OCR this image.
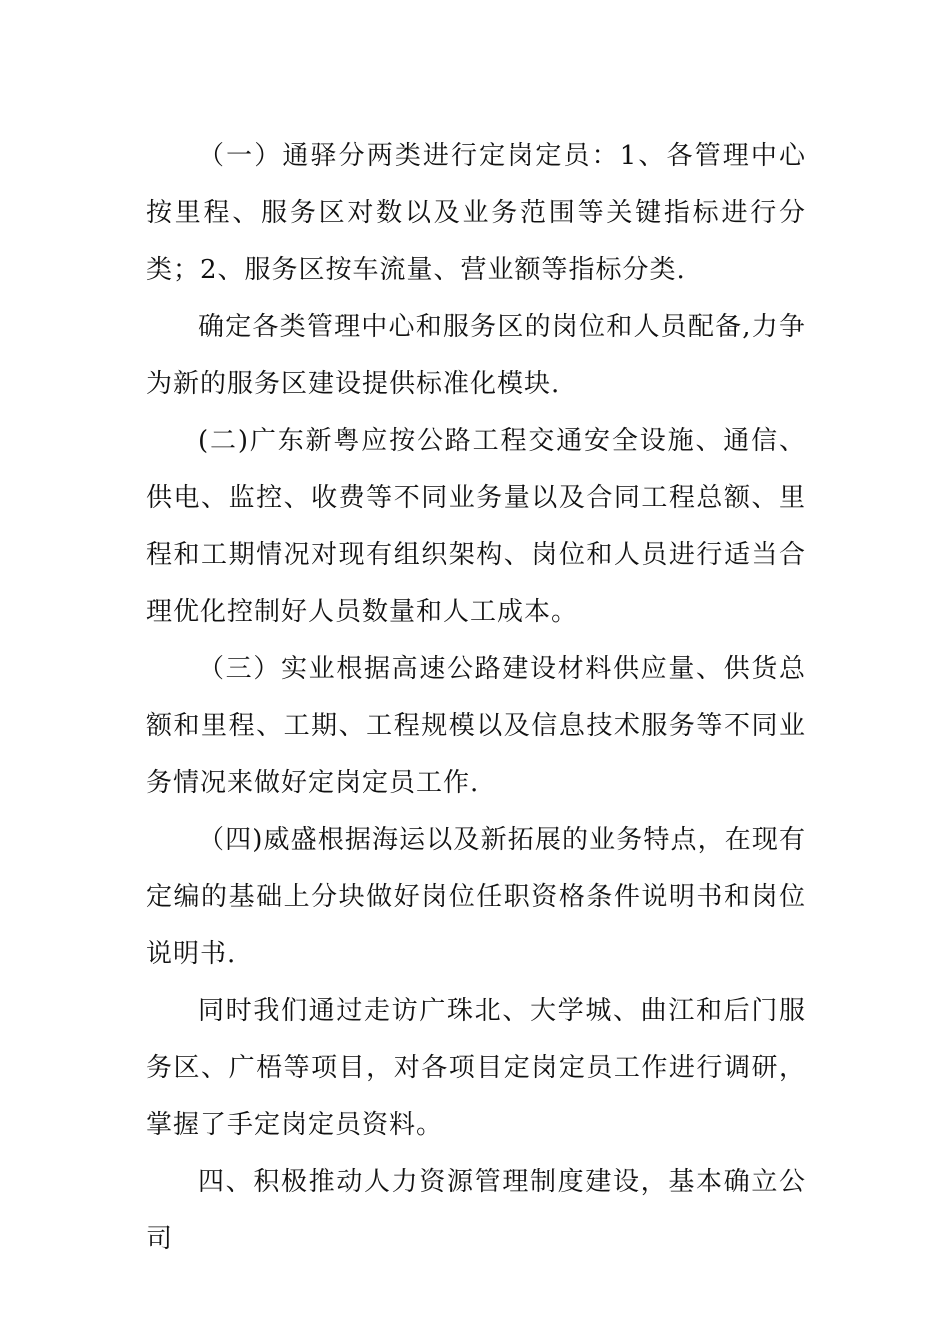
（一）通驿分两类进行定岗定员：1、各管理中心按里程、服务区对数以及业务范围等关键指标进行分类；2、服务区按车流量、营业额等指标分类.

确定各类管理中心和服务区的岗位和人员配备,力争为新的服务区建设提供标准化模块.

(二)广东新粤应按公路工程交通安全设施、通信、供电、监控、收费等不同业务量以及合同工程总额、里程和工期情况对现有组织架构、岗位和人员进行适当合理优化控制好人员数量和人工成本。

（三）实业根据高速公路建设材料供应量、供货总额和里程、工期、工程规模以及信息技术服务等不同业务情况来做好定岗定员工作.

（四)威盛根据海运以及新拓展的业务特点，在现有定编的基础上分块做好岗位任职资格条件说明书和岗位说明书.

同时我们通过走访广珠北、大学城、曲江和后门服务区、广梧等项目，对各项目定岗定员工作进行调研，掌握了手定岗定员资料。

四、积极推动人力资源管理制度建设，基本确立公司
